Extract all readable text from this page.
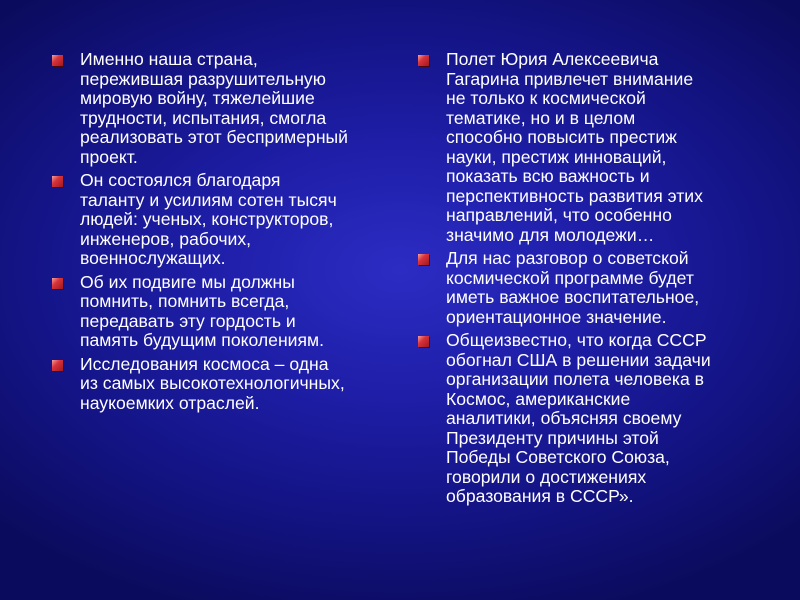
Именно наша страна,
пережившая разрушительную
мировую войну, тяжелейшие
трудности, испытания, смогла
реализовать этот беспримерный
проект.
Он состоялся благодаря
таланту и усилиям сотен тысяч
людей: ученых, конструкторов,
инженеров, рабочих,
военнослужащих.
Об их подвиге мы должны
помнить, помнить всегда,
передавать эту гордость и
память будущим поколениям.
Исследования космоса – одна
из самых высокотехнологичных,
наукоемких отраслей.
Полет Юрия Алексеевича
Гагарина привлечет внимание
не только к космической
тематике, но и в целом
способно повысить престиж
науки, престиж инноваций,
показать всю важность и
перспективность развития этих
направлений, что особенно
значимо для молодежи…
Для нас разговор о советской
космической программе будет
иметь важное воспитательное,
ориентационное значение.
Общеизвестно, что когда СССР
обогнал США в решении задачи
организации полета человека в
Космос, американские
аналитики, объясняя своему
Президенту причины этой
Победы Советского Союза,
говорили о достижениях
образования в СССР».
